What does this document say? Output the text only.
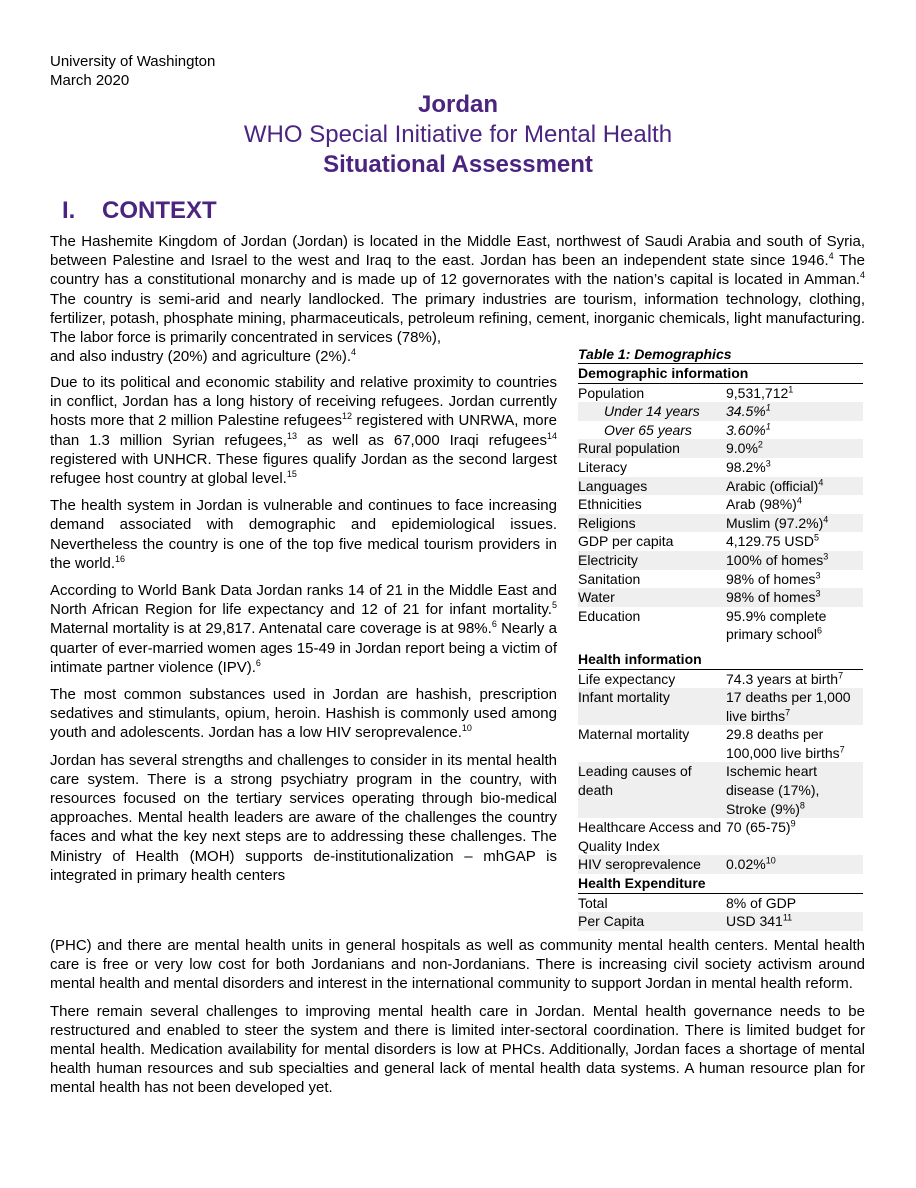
University of Washington
March 2020
Jordan
WHO Special Initiative for Mental Health
Situational Assessment
I. CONTEXT

The Hashemite Kingdom of Jordan (Jordan) is located in the Middle East, northwest of Saudi Arabia and south of Syria, between Palestine and Israel to the west and Iraq to the east. Jordan has been an independent state since 1946.$^4$ The country has a constitutional monarchy and is made up of 12 governorates with the nation’s capital is located in Amman.$^4$ The country is semi-arid and nearly landlocked. The primary industries are tourism, information technology, clothing, fertilizer, potash, phosphate mining, pharmaceuticals, petroleum refining, cement, inorganic chemicals, light manufacturing. The labor force is primarily concentrated in services (78%),

and also industry (20%) and agriculture (2%).$^4$

Due to its political and economic stability and relative proximity to countries in conflict, Jordan has a long history of receiving refugees. Jordan currently hosts more that 2 million Palestine refugees$^{12}$ registered with UNRWA, more than 1.3 million Syrian refugees,$^{13}$ as well as 67,000 Iraqi refugees$^{14}$ registered with UNHCR. These figures qualify Jordan as the second largest refugee host country at global level.$^{15}$

The health system in Jordan is vulnerable and continues to face increasing demand associated with demographic and epidemiological issues. Nevertheless the country is one of the top five medical tourism providers in the world.$^{16}$

According to World Bank Data Jordan ranks 14 of 21 in the Middle East and North African Region for life expectancy and 12 of 21 for infant mortality.$^5$ Maternal mortality is at 29,817. Antenatal care coverage is at 98%.$^6$ Nearly a quarter of ever-married women ages 15-49 in Jordan report being a victim of intimate partner violence (IPV).$^6$

The most common substances used in Jordan are hashish, prescription sedatives and stimulants, opium, heroin. Hashish is commonly used among youth and adolescents. Jordan has a low HIV seroprevalence.$^{10}$

Jordan has several strengths and challenges to consider in its mental health care system. There is a strong psychiatry program in the country, with resources focused on the tertiary services operating through bio-medical approaches. Mental health leaders are aware of the challenges the country faces and what the key next steps are to addressing these challenges. The Ministry of Health (MOH) supports de-institutionalization – mhGAP is integrated in primary health centers

(PHC) and there are mental health units in general hospitals as well as community mental health centers. Mental health care is free or very low cost for both Jordanians and non-Jordanians. There is increasing civil society activism around mental health and mental disorders and interest in the international community to support Jordan in mental health reform.

There remain several challenges to improving mental health care in Jordan. Mental health governance needs to be restructured and enabled to steer the system and there is limited inter-sectoral coordination. There is limited budget for mental health. Medication availability for mental disorders is low at PHCs. Additionally, Jordan faces a shortage of mental health human resources and sub specialties and general lack of mental health data systems. A human resource plan for mental health has not been developed yet.

Table 1: Demographics
Demographic information	
Population	9,531,712$^1$
Under 14 years	34.5%$^1$
Over 65 years	3.60%$^1$
Rural population	9.0%$^2$
Literacy	98.2%$^3$
Languages	Arabic (official)$^4$
Ethnicities	Arab $(98\%)^4$
Religions	Muslim $(97.2\%)^4$
GDP per capita	4,129.75 USD$^5$
Electricity	100% of homes$^3$
Sanitation	98% of homes$^3$
Water	98% of homes$^3$
Education	95.9% complete primary school$^6$

Health information	
Life expectancy	74.3 years at birth$^7$
Infant mortality	17 deaths per 1,000 live births$^7$
Maternal mortality	29.8 deaths per 100,000 live births$^7$
Leading causes of death	Ischemic heart disease (17%), Stroke $(9\%)^8$
Healthcare Access and Quality Index	70 $(65-75)^9$
HIV seroprevalence	0.02%$^{10}$
Health Expenditure	
Total	8% of GDP
Per Capita	USD $341^{11}$
